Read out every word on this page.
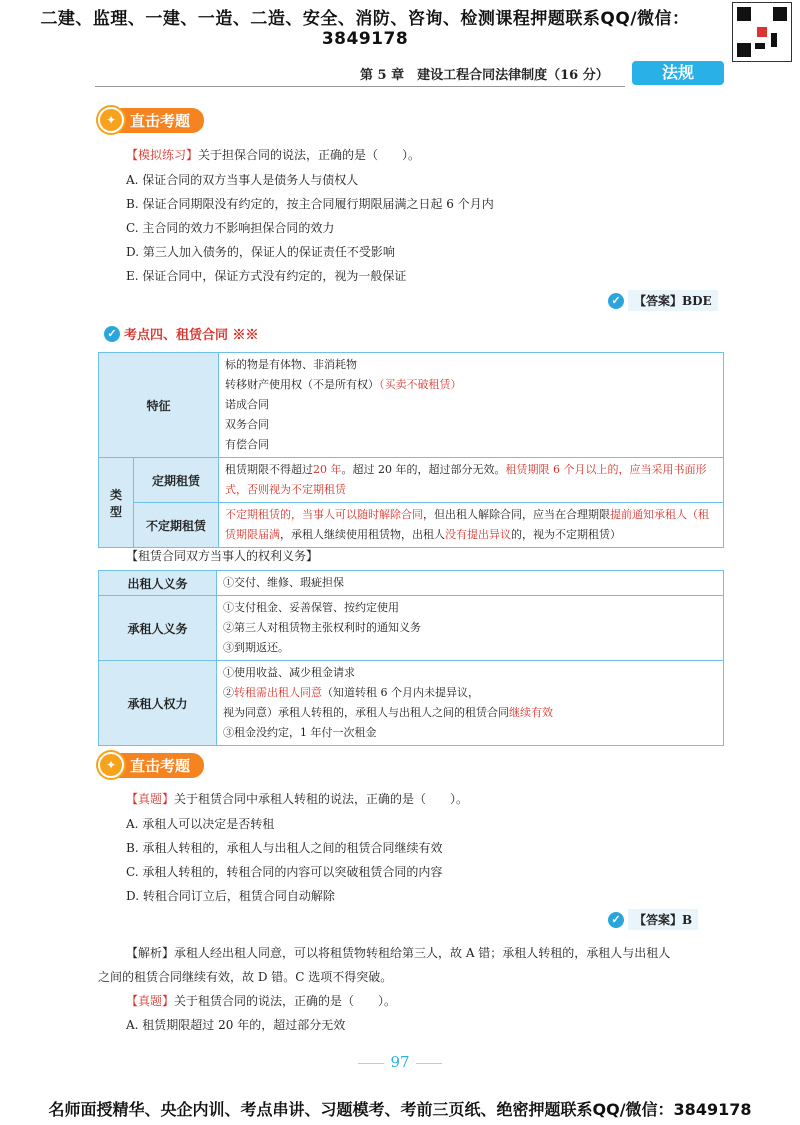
二建、监理、一建、一造、二造、安全、消防、咨询、检测课程押题联系QQ/微信：3849178
第 5 章　建设工程合同法律制度（16 分）	法规
✦ 直击考题
【模拟练习】关于担保合同的说法，正确的是（　　）。
A. 保证合同的双方当事人是债务人与债权人
B. 保证合同期限没有约定的，按主合同履行期限届满之日起 6 个月内
C. 主合同的效力不影响担保合同的效力
D. 第三人加入债务的，保证人的保证责任不受影响
E. 保证合同中，保证方式没有约定的，视为一般保证
✓	【答案】BDE
✓ 考点四、租赁合同 ※※
特征		标的物是有体物、非消耗物
转移财产使用权（不是所有权）（买卖不破租赁）
诺成合同
双务合同
有偿合同

类型	定期租赁	租赁期限不得超过20 年。超过 20 年的，超过部分无效。租赁期限 6 个月以上的，应当采用书面形式，否则视为不定期租赁
	不定期租赁	不定期租赁的，当事人可以随时解除合同，但出租人解除合同，应当在合理期限提前通知承租人（租赁期限届满，承租人继续使用租赁物，出租人没有提出异议的，视为不定期租赁）
【租赁合同双方当事人的权利义务】
出租人义务	①交付、维修、瑕疵担保
承租人义务	①支付租金、妥善保管、按约定使用
②第三人对租赁物主张权利时的通知义务
③到期返还。

承租人权力	①使用收益、减少租金请求
②转租需出租人同意（知道转租 6 个月内未提异议，
视为同意）承租人转租的，承租人与出租人之间的租赁合同继续有效
③租金没约定，1 年付一次租金
✦ 直击考题
【真题】关于租赁合同中承租人转租的说法，正确的是（　　）。
A. 承租人可以决定是否转租
B. 承租人转租的，承租人与出租人之间的租赁合同继续有效
C. 承租人转租的，转租合同的内容可以突破租赁合同的内容
D. 转租合同订立后，租赁合同自动解除
✓	【答案】B
【解析】承租人经出租人同意，可以将租赁物转租给第三人，故 A 错；承租人转租的，承租人与出租人
之间的租赁合同继续有效，故 D 错。C 选项不得突破。
【真题】关于租赁合同的说法，正确的是（　　）。
A. 租赁期限超过 20 年的，超过部分无效
97
名师面授精华、央企内训、考点串讲、习题模考、考前三页纸、绝密押题联系QQ/微信：3849178
